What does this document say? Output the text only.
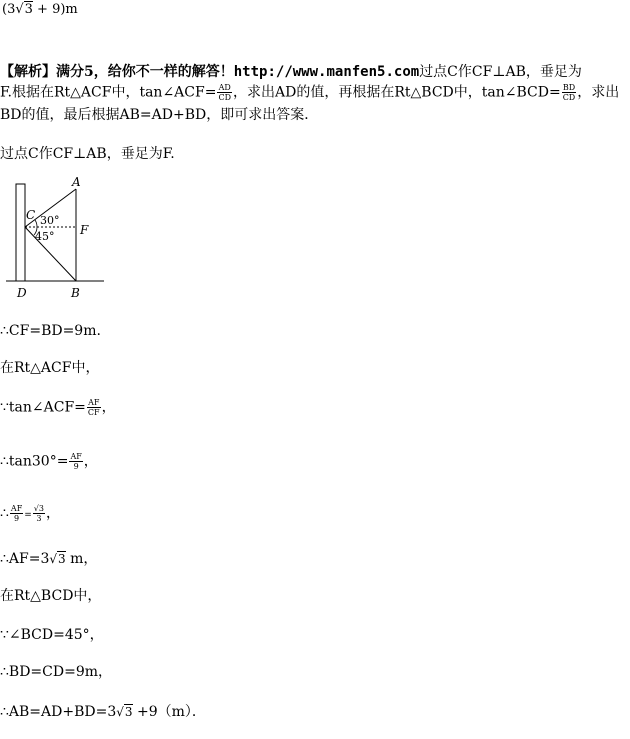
(3√3 + 9)m
【解析】满分5，给你不一样的解答！http://www.manfen5.com过点C作CF⊥AB，垂足为
F.根据在Rt△ACF中，tan∠ACF= $\frac{AD}{CD}$ ，求出AD的值，再根据在Rt△BCD中，tan∠BCD= $\frac{BD}{CD}$ ，求出
BD的值，最后根据AB=AD+BD，即可求出答案．
过点C作CF⊥AB，垂足为F.
A
C
F
D	B
30°
45°
∴CF=BD=9m.
在Rt△ACF中，
∵tan∠ACF= $\frac{AF}{CF}$ ，
∴tan30°= $\frac{AF}{9}$ ，
∴ $\frac{AF}{9} = \frac{√3}{3}$ ，
∴AF=3√3 m，
在Rt△BCD中，
∵∠BCD=45°，
∴BD=CD=9m，
∴AB=AD+BD=3√3 +9（m）．
